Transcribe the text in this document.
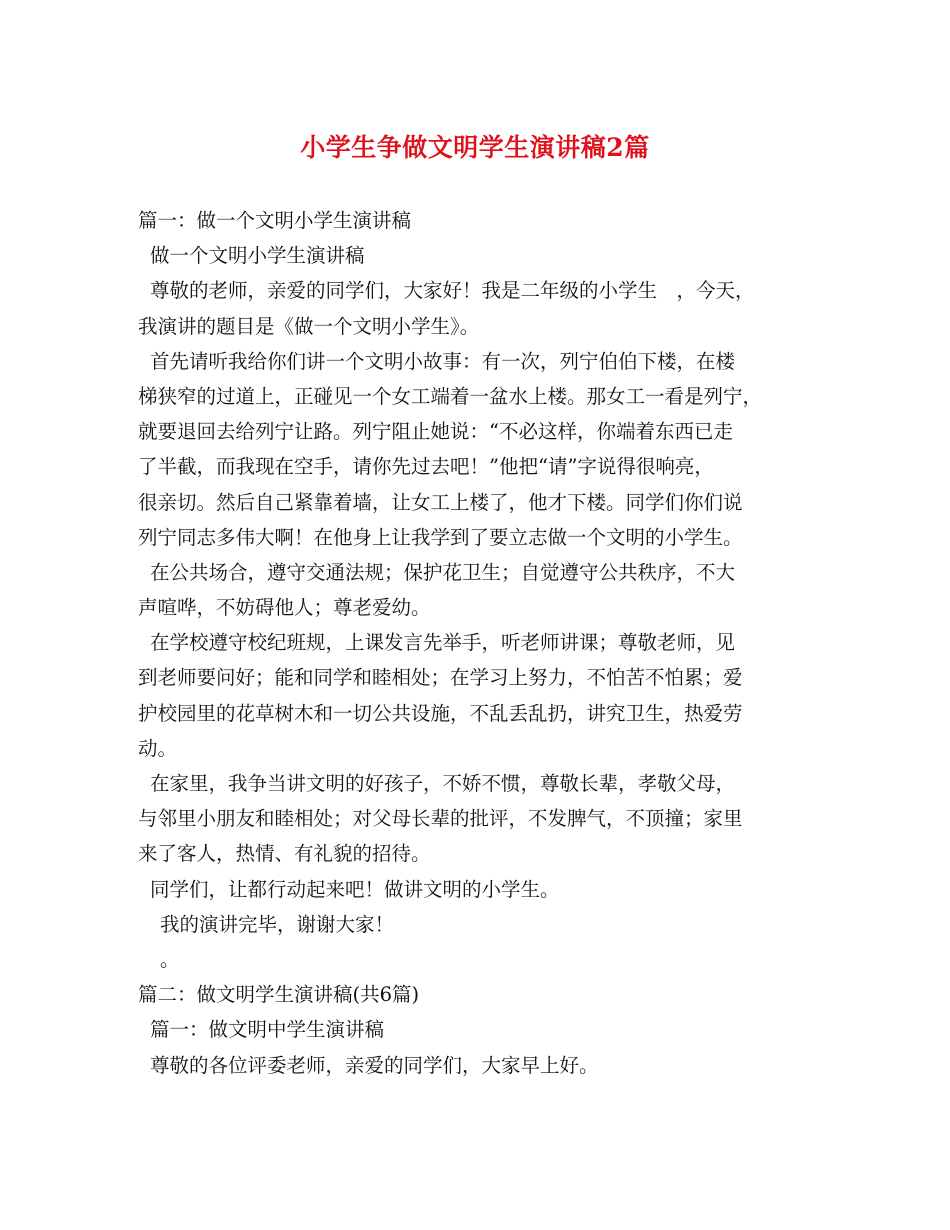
小学生争做文明学生演讲稿2篇
篇一：做一个文明小学生演讲稿
做一个文明小学生演讲稿
尊敬的老师，亲爱的同学们，大家好！我是二年级的小学生　，今天，
我演讲的题目是《做一个文明小学生》。
首先请听我给你们讲一个文明小故事：有一次，列宁伯伯下楼，在楼
梯狭窄的过道上，正碰见一个女工端着一盆水上楼。那女工一看是列宁，
就要退回去给列宁让路。列宁阻止她说：“不必这样，你端着东西已走
了半截，而我现在空手，请你先过去吧！”他把“请”字说得很响亮，
很亲切。然后自己紧靠着墙，让女工上楼了，他才下楼。同学们你们说
列宁同志多伟大啊！在他身上让我学到了要立志做一个文明的小学生。
在公共场合，遵守交通法规；保护花卫生；自觉遵守公共秩序，不大
声喧哗，不妨碍他人；尊老爱幼。
在学校遵守校纪班规，上课发言先举手，听老师讲课；尊敬老师，见
到老师要问好；能和同学和睦相处；在学习上努力，不怕苦不怕累；爱
护校园里的花草树木和一切公共设施，不乱丢乱扔，讲究卫生，热爱劳
动。
在家里，我争当讲文明的好孩子，不娇不惯，尊敬长辈，孝敬父母，
与邻里小朋友和睦相处；对父母长辈的批评，不发脾气，不顶撞；家里
来了客人，热情、有礼貌的招待。
同学们，让都行动起来吧！做讲文明的小学生。
我的演讲完毕，谢谢大家！
。
篇二：做文明学生演讲稿(共6篇)
篇一：做文明中学生演讲稿
尊敬的各位评委老师，亲爱的同学们，大家早上好。
